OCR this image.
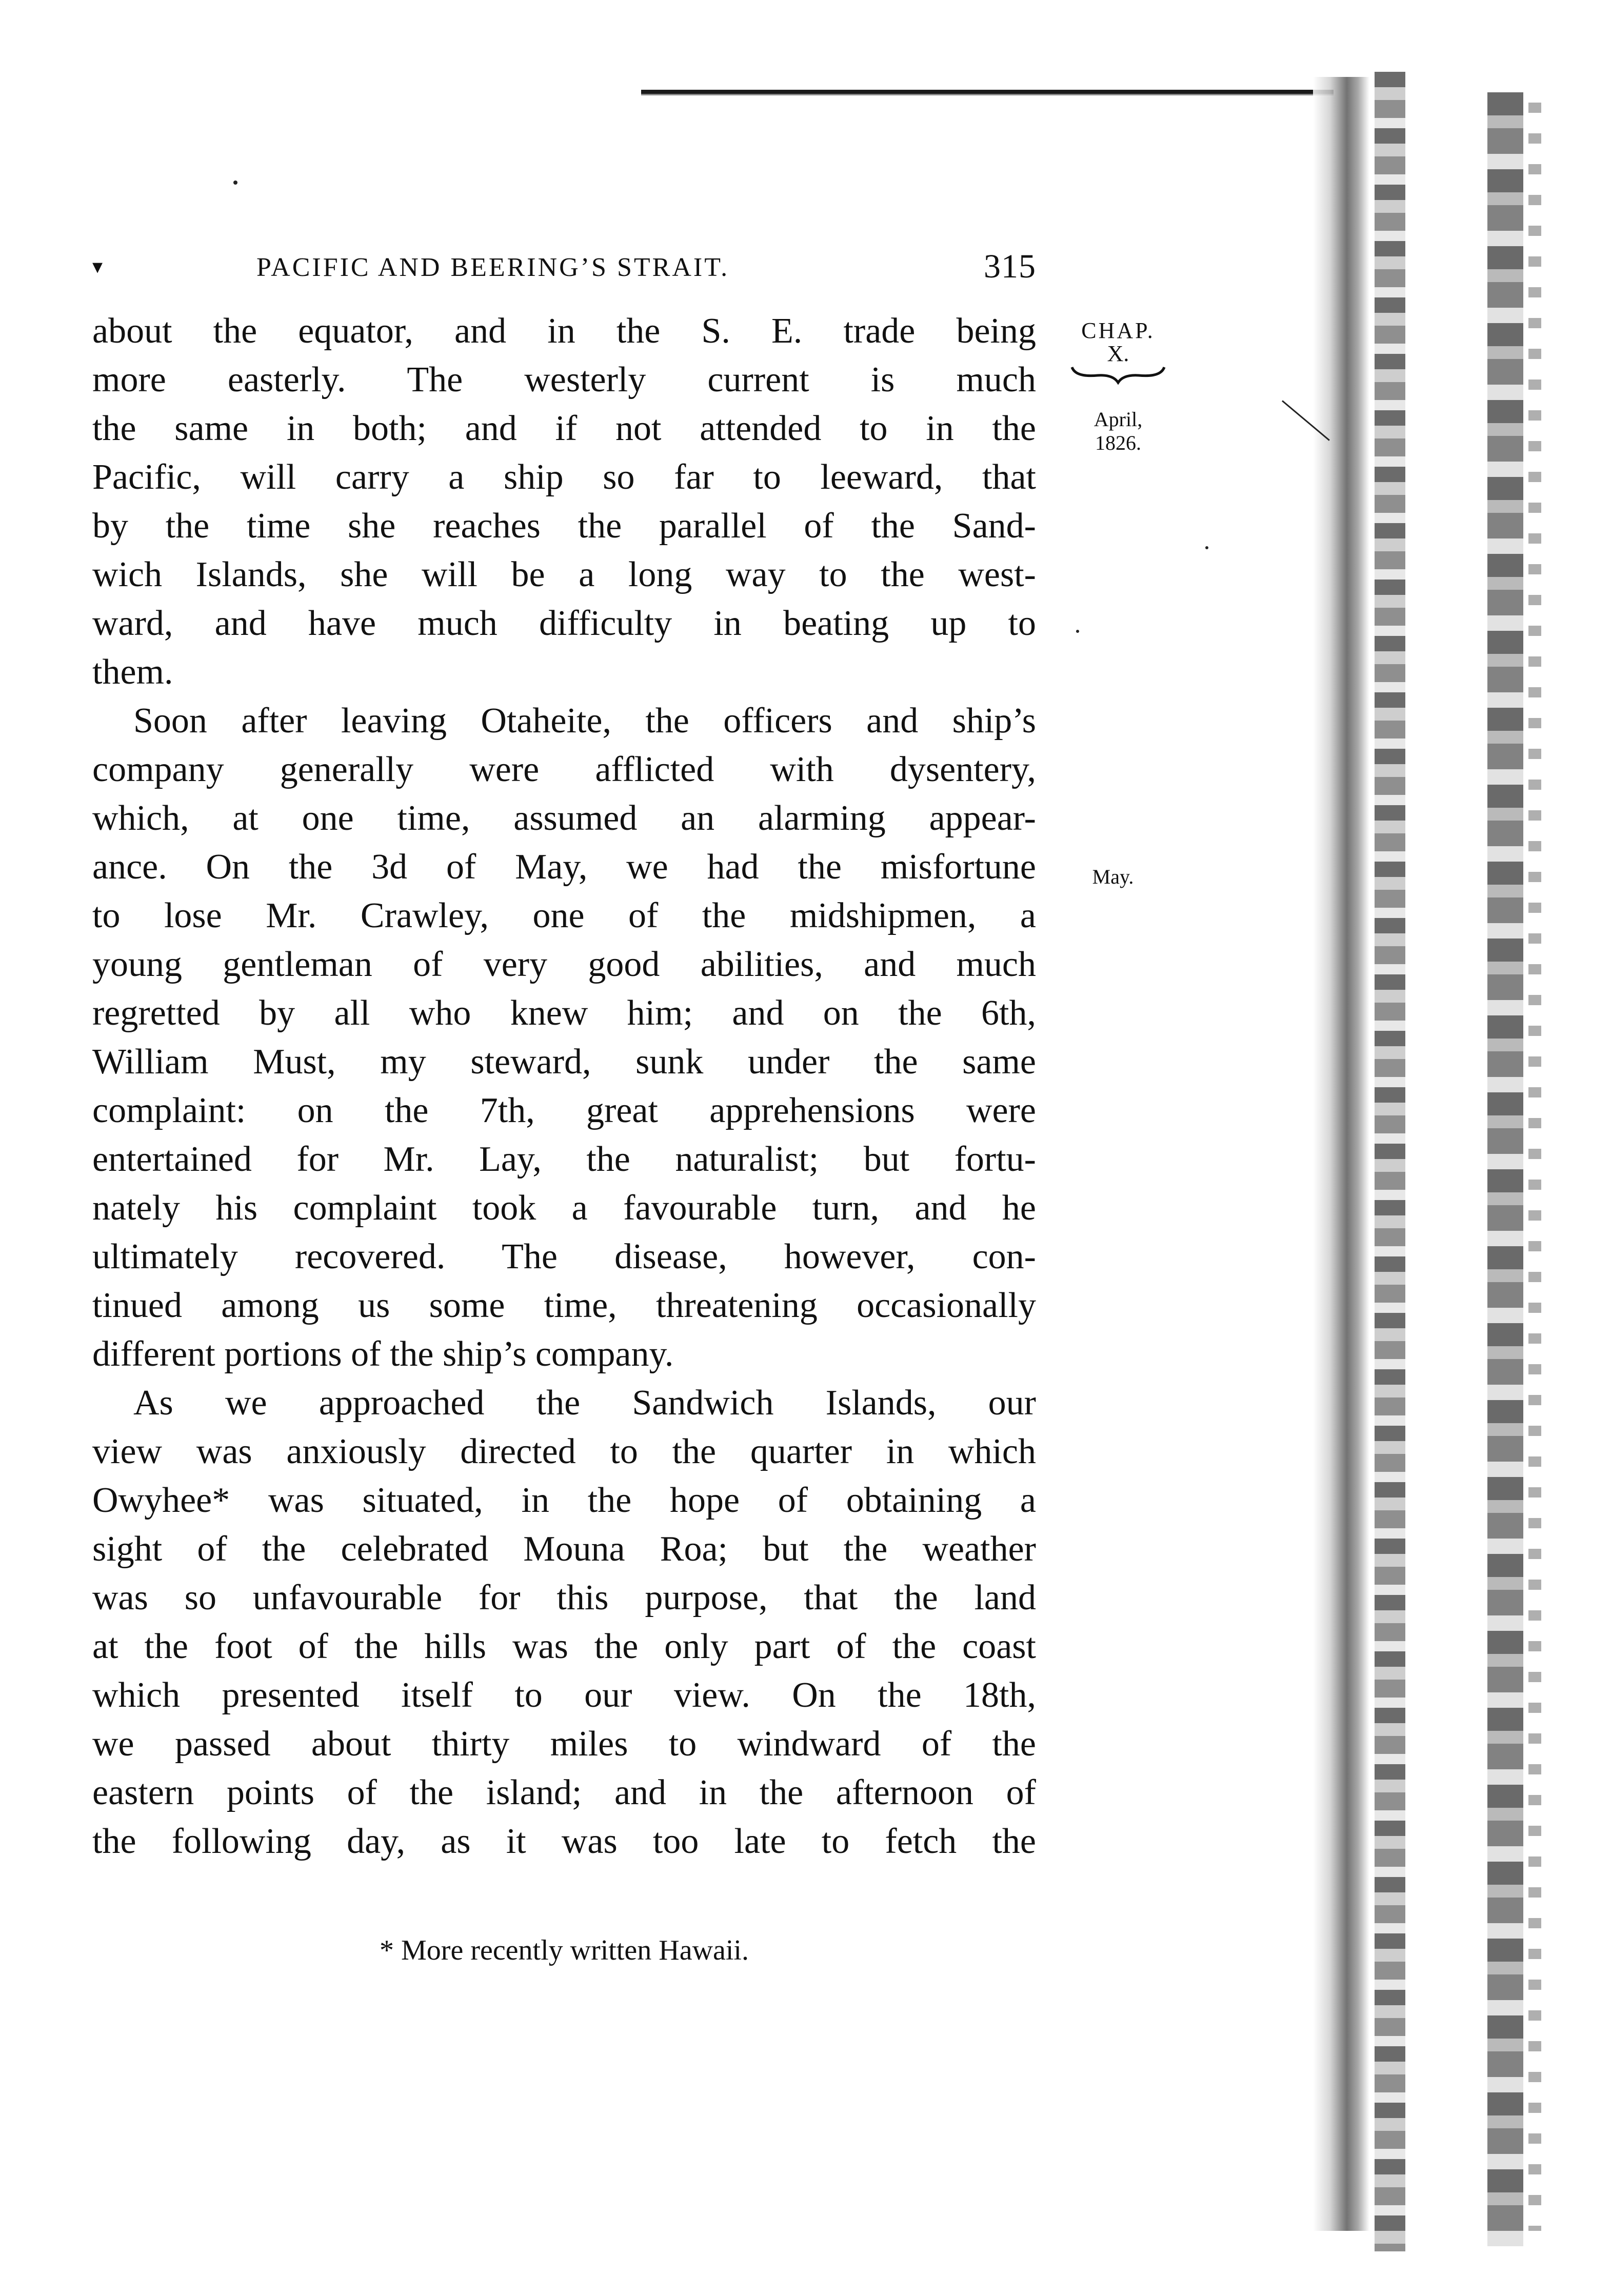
▾	PACIFIC AND BEERING’S STRAIT.	315
about the equator, and in the S. E. trade being
more easterly. The westerly current is much
the same in both; and if not attended to in the
Pacific, will carry a ship so far to leeward, that
by the time she reaches the parallel of the Sand-
wich Islands, she will be a long way to the west-
ward, and have much difficulty in beating up to
them.
Soon after leaving Otaheite, the officers and ship’s
company generally were afflicted with dysentery,
which, at one time, assumed an alarming appear-
ance. On the 3d of May, we had the misfortune
to lose Mr. Crawley, one of the midshipmen, a
young gentleman of very good abilities, and much
regretted by all who knew him; and on the 6th,
William Must, my steward, sunk under the same
complaint: on the 7th, great apprehensions were
entertained for Mr. Lay, the naturalist; but fortu-
nately his complaint took a favourable turn, and he
ultimately recovered. The disease, however, con-
tinued among us some time, threatening occasionally
different portions of the ship’s company.
As we approached the Sandwich Islands, our
view was anxiously directed to the quarter in which
Owyhee* was situated, in the hope of obtaining a
sight of the celebrated Mouna Roa; but the weather
was so unfavourable for this purpose, that the land
at the foot of the hills was the only part of the coast
which presented itself to our view. On the 18th,
we passed about thirty miles to windward of the
eastern points of the island; and in the afternoon of
the following day, as it was too late to fetch the
CHAP.
X.
April,
1826.
May.
* More recently written Hawaii.
